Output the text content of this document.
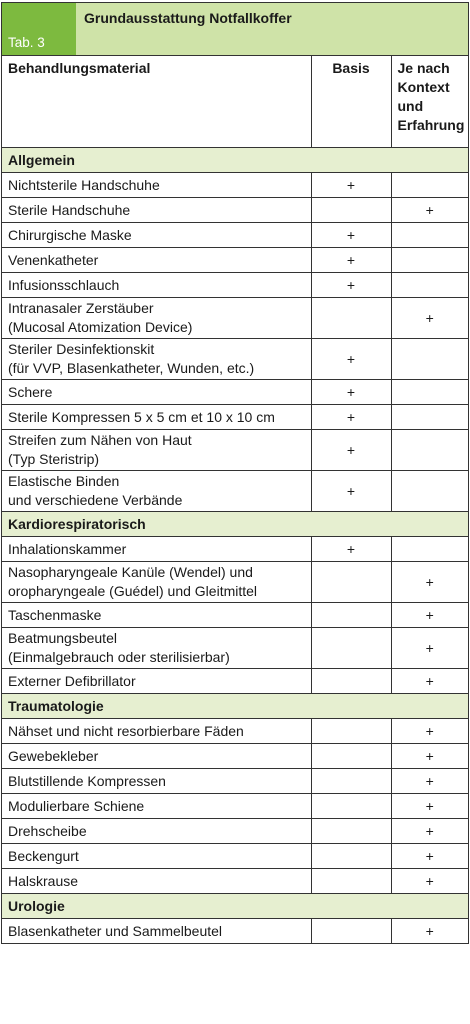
Tab. 3
Grundausstattung Notfallkoffer
Behandlungsmaterial	Basis	Je nach Kontext und Erfahrung
Allgemein		
Nichtsterile Handschuhe	+	
Sterile Handschuhe		+
Chirurgische Maske	+	
Venenkatheter	+	
Infusionsschlauch	+	
Intranasaler Zerstäuber
(Mucosal Atomization Device)		+
Steriler Desinfektionskit
(für VVP, Blasenkatheter, Wunden, etc.)	+	
Schere	+	
Sterile Kompressen 5 x 5 cm et 10 x 10 cm	+	
Streifen zum Nähen von Haut
(Typ Steristrip)	+	
Elastische Binden
und verschiedene Verbände	+	
Kardiorespiratorisch		
Inhalationskammer	+	
Nasopharyngeale Kanüle (Wendel) und
oropharyngeale (Guédel) und Gleitmittel		+
Taschenmaske		+
Beatmungsbeutel
(Einmalgebrauch oder sterilisierbar)		+
Externer Defibrillator		+
Traumatologie		
Nähset und nicht resorbierbare Fäden		+
Gewebekleber		+
Blutstillende Kompressen		+
Modulierbare Schiene		+
Drehscheibe		+
Beckengurt		+
Halskrause		+
Urologie		
Blasenkatheter und Sammelbeutel		+
